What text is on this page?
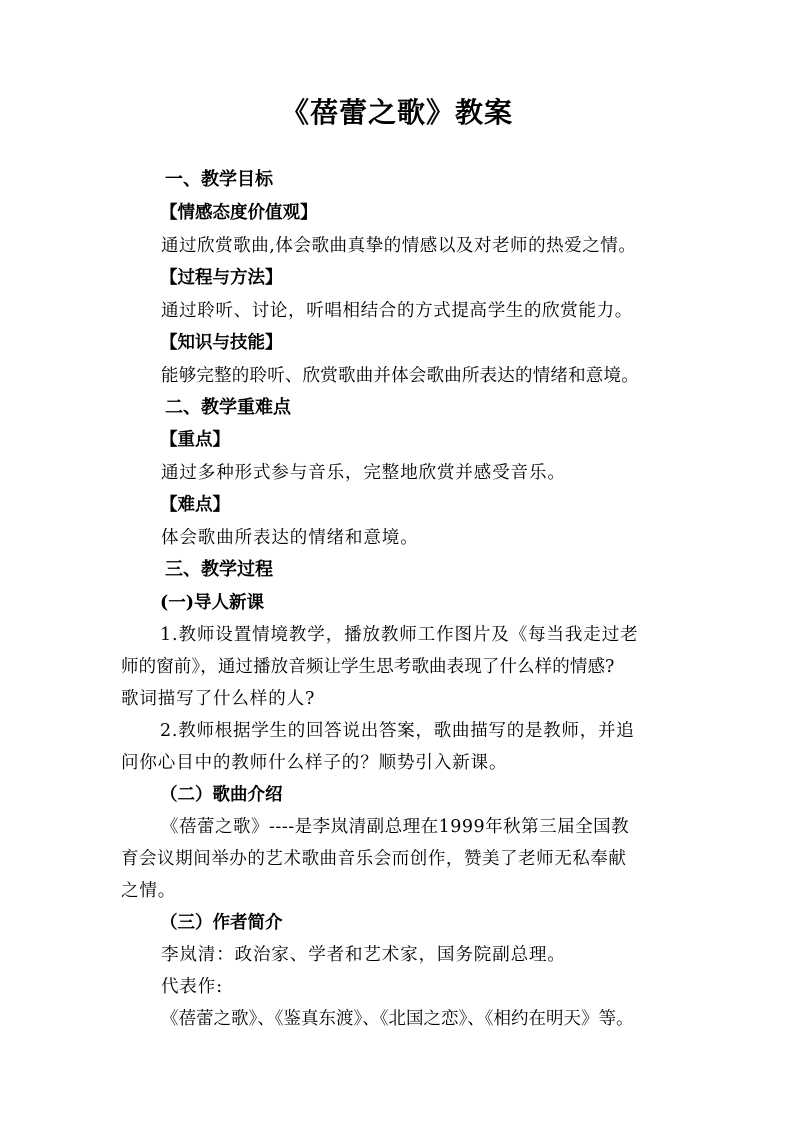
《蓓蕾之歌》教案
一、教学目标
【情感态度价值观】
通过欣赏歌曲,体会歌曲真挚的情感以及对老师的热爱之情。
【过程与方法】
通过聆听、讨论，听唱相结合的方式提高学生的欣赏能力。
【知识与技能】
能够完整的聆听、欣赏歌曲并体会歌曲所表达的情绪和意境。
二、教学重难点
【重点】
通过多种形式参与音乐，完整地欣赏并感受音乐。
【难点】
体会歌曲所表达的情绪和意境。
三、教学过程
(一)导人新课
1.教师设置情境教学，播放教师工作图片及《每当我走过老
师的窗前》，通过播放音频让学生思考歌曲表现了什么样的情感?
歌词描写了什么样的人?
2.教师根据学生的回答说出答案，歌曲描写的是教师，并追
问你心目中的教师什么样子的？顺势引入新课。
（二）歌曲介绍
《蓓蕾之歌》----是李岚清副总理在1999年秋第三届全国教
育会议期间举办的艺术歌曲音乐会而创作，赞美了老师无私奉献
之情。
（三）作者简介
李岚清：政治家、学者和艺术家，国务院副总理。
代表作:
《蓓蕾之歌》、《鉴真东渡》、《北国之恋》、《相约在明天》等。
